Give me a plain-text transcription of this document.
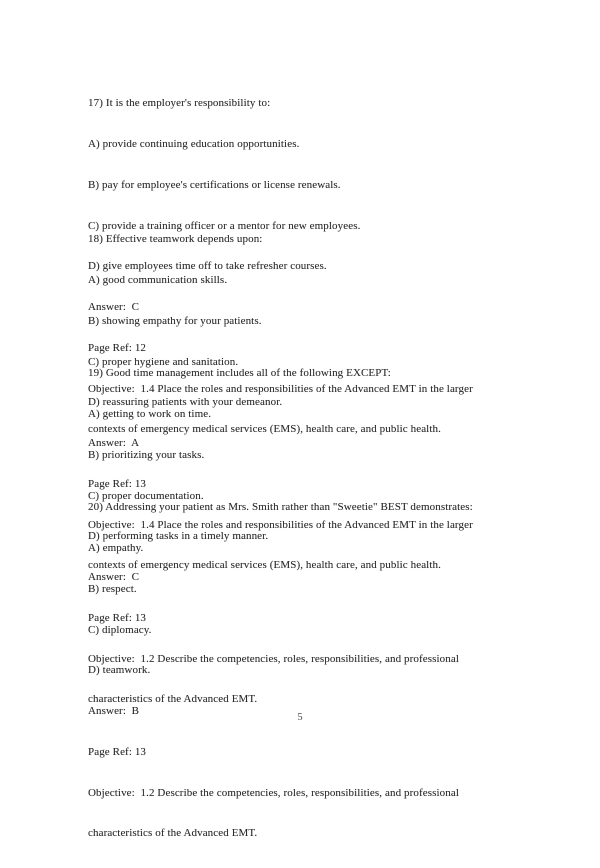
17) It is the employer's responsibility to:

A) provide continuing education opportunities.

B) pay for employee's certifications or license renewals.

C) provide a training officer or a mentor for new employees.

D) give employees time off to take refresher courses.

Answer:  C

Page Ref: 12

Objective:  1.4 Place the roles and responsibilities of the Advanced EMT in the larger

contexts of emergency medical services (EMS), health care, and public health.

18) Effective teamwork depends upon:

A) good communication skills.

B) showing empathy for your patients.

C) proper hygiene and sanitation.

D) reassuring patients with your demeanor.

Answer:  A

Page Ref: 13

Objective:  1.4 Place the roles and responsibilities of the Advanced EMT in the larger

contexts of emergency medical services (EMS), health care, and public health.

19) Good time management includes all of the following EXCEPT:

A) getting to work on time.

B) prioritizing your tasks.

C) proper documentation.

D) performing tasks in a timely manner.

Answer:  C

Page Ref: 13

Objective:  1.2 Describe the competencies, roles, responsibilities, and professional

characteristics of the Advanced EMT.

20) Addressing your patient as Mrs. Smith rather than "Sweetie" BEST demonstrates:

A) empathy.

B) respect.

C) diplomacy.

D) teamwork.

Answer:  B

Page Ref: 13

Objective:  1.2 Describe the competencies, roles, responsibilities, and professional

characteristics of the Advanced EMT.

5
